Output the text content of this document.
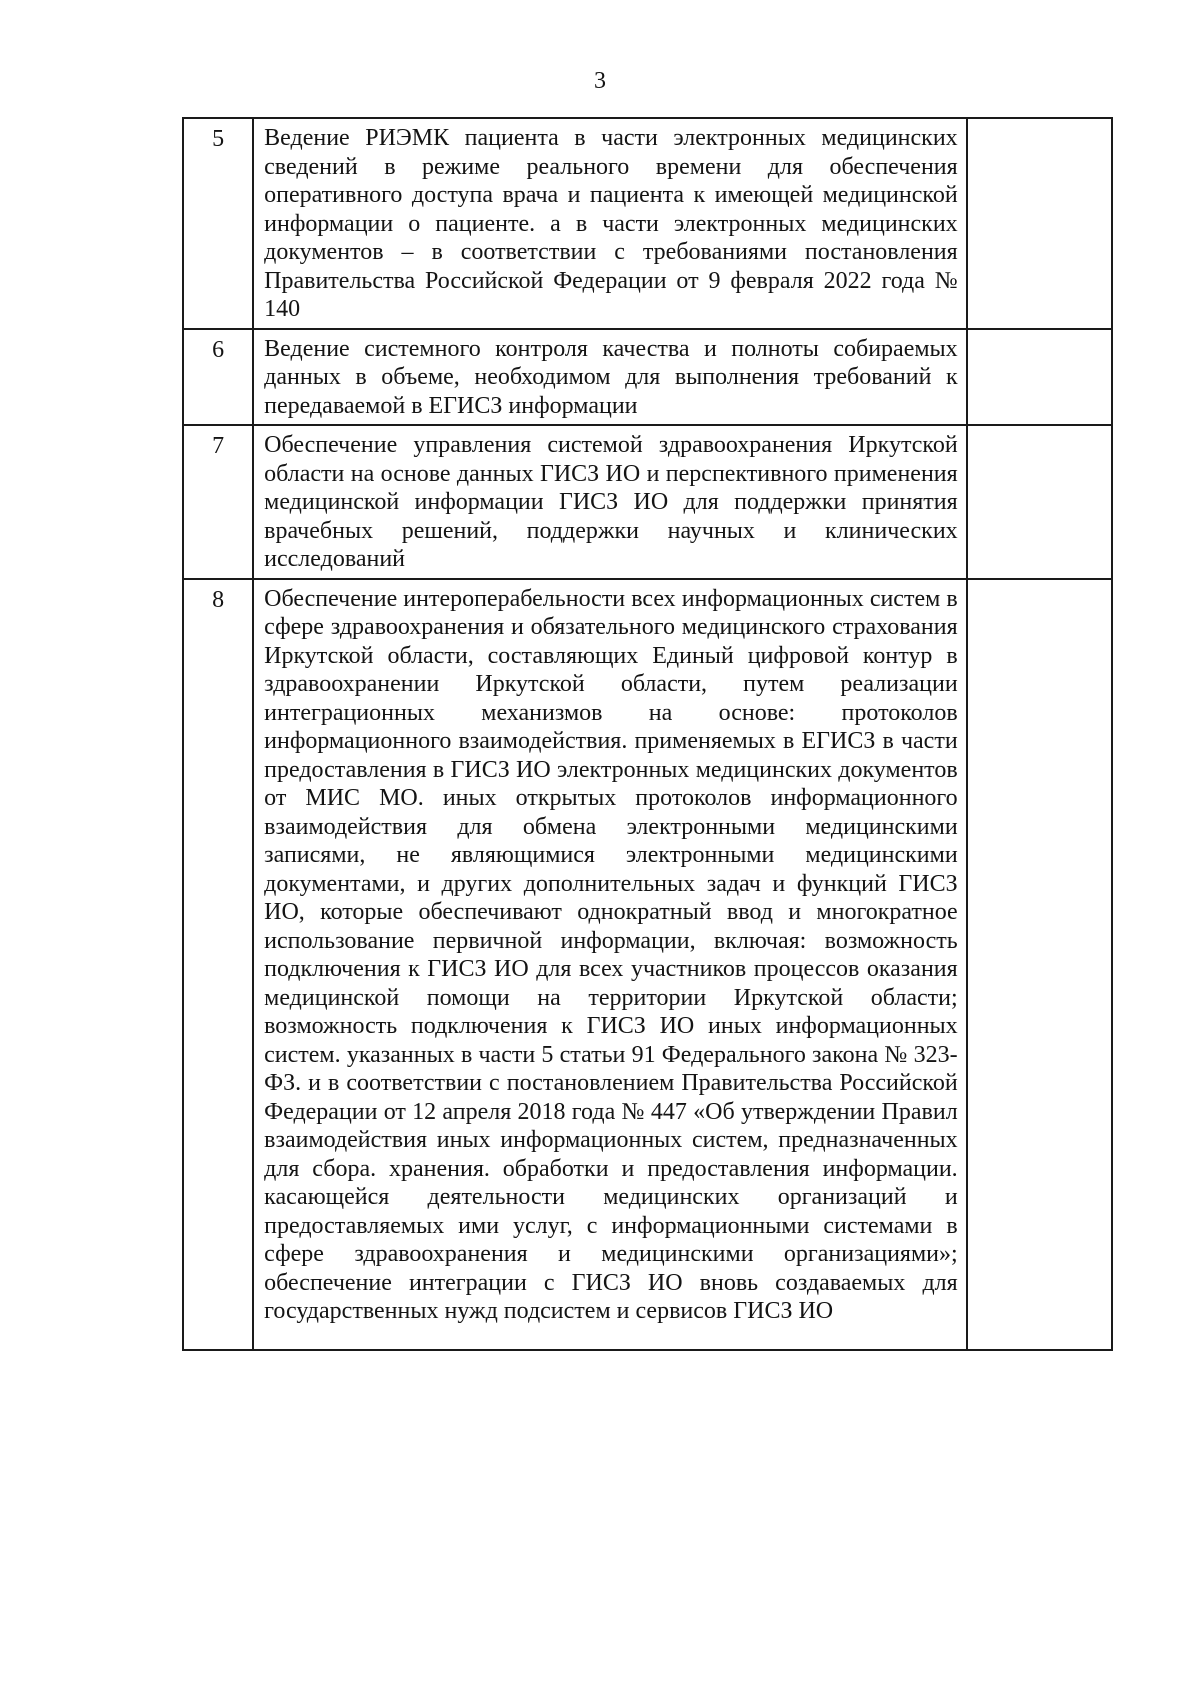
3
5	Ведение РИЭМК пациента в части электронных медицинских сведений в режиме реального времени для обеспечения оперативного доступа врача и пациента к имеющей медицинской информации о пациенте. а в части электронных медицинских документов – в соответствии с требованиями постановления Правительства Российской Федерации от 9 февраля 2022 года № 140	

6	Ведение системного контроля качества и полноты собираемых данных в объеме, необходимом для выполнения требований к передаваемой в ЕГИСЗ информации	

7	Обеспечение управления системой здравоохранения Иркутской области на основе данных ГИСЗ ИО и перспективного применения медицинской информации ГИСЗ ИО для поддержки принятия врачебных решений, поддержки научных и клинических исследований	

8	Обеспечение интероперабельности всех информационных систем в сфере здравоохранения и обязательного медицинского страхования Иркутской области, составляющих Единый цифровой контур в здравоохранении Иркутской области, путем реализации интеграционных механизмов на основе: протоколов информационного взаимодействия. применяемых в ЕГИСЗ в части предоставления в ГИСЗ ИО электронных медицинских документов от МИС МО. иных открытых протоколов информационного взаимодействия для обмена электронными медицинскими записями, не являющимися электронными медицинскими документами, и других дополнительных задач и функций ГИСЗ ИО, которые обеспечивают однократный ввод и многократное использование первичной информации, включая: возможность подключения к ГИСЗ ИО для всех участников процессов оказания медицинской помощи на территории Иркутской области; возможность подключения к ГИСЗ ИО иных информационных систем. указанных в части 5 статьи 91 Федерального закона № 323-ФЗ. и в соответствии с постановлением Правительства Российской Федерации от 12 апреля 2018 года № 447 «Об утверждении Правил взаимодействия иных информационных систем, предназначенных для сбора. хранения. обработки и предоставления информации. касающейся деятельности медицинских организаций и предоставляемых ими услуг, с информационными системами в сфере здравоохранения и медицинскими организациями»; обеспечение интеграции с ГИСЗ ИО вновь создаваемых для государственных нужд подсистем и сервисов ГИСЗ ИО	
